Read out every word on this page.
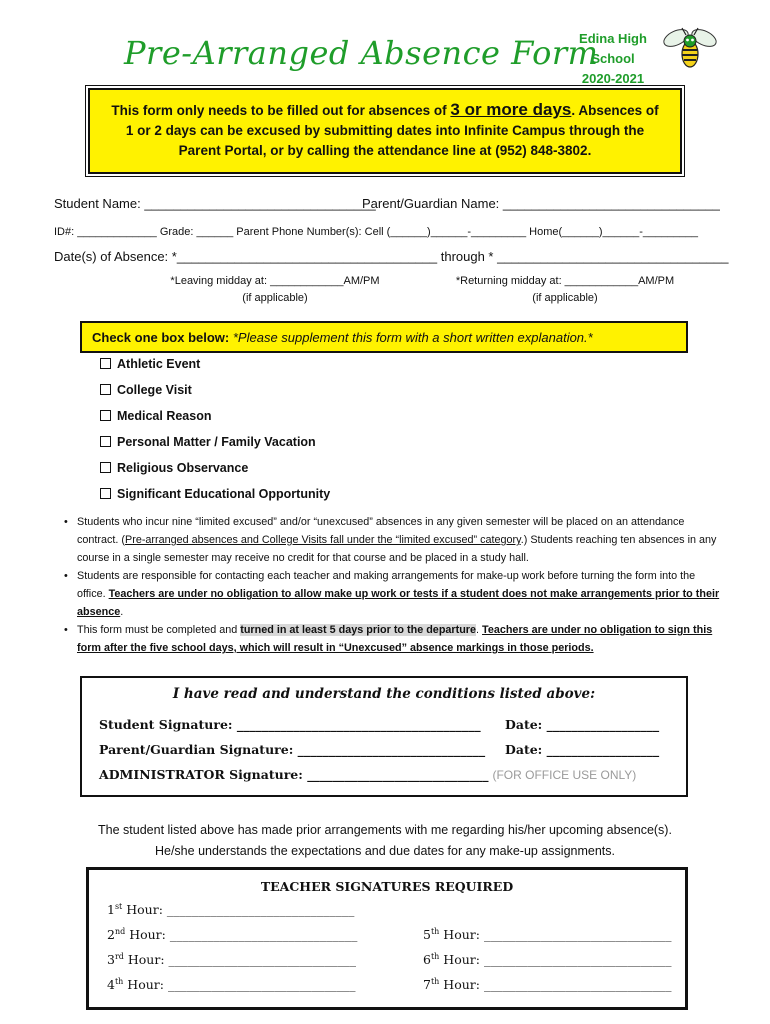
Pre-Arranged Absence Form
Edina High School
2020-2021
This form only needs to be filled out for absences of 3 or more days. Absences of 1 or 2 days can be excused by submitting dates into Infinite Campus through the Parent Portal, or by calling the attendance line at (952) 848-3802.
Student Name: ________________________________
Parent/Guardian Name: ______________________________
ID#: _____________ Grade: ______ Parent Phone Number(s): Cell (______)______-_________ Home(______)______-_________
Date(s) of Absence: *____________________________________ through * ________________________________
*Leaving midday at: ____________AM/PM
(if applicable)
*Returning midday at: ____________AM/PM
(if applicable)
Check one box below: *Please supplement this form with a short written explanation.*
Athletic Event
College Visit
Medical Reason
Personal Matter / Family Vacation
Religious Observance
Significant Educational Opportunity
• Students who incur nine “limited excused” and/or “unexcused” absences in any given semester will be placed on an attendance contract. (Pre-arranged absences and College Visits fall under the “limited excused” category.) Students reaching ten absences in any course in a single semester may receive no credit for that course and be placed in a study hall.
• Students are responsible for contacting each teacher and making arrangements for make-up work before turning the form into the office. Teachers are under no obligation to allow make up work or tests if a student does not make arrangements prior to their absence.
• This form must be completed and turned in at least 5 days prior to the departure. Teachers are under no obligation to sign this form after the five school days, which will result in “Unexcused” absence markings in those periods.
I have read and understand the conditions listed above:
Student Signature: _______________________________________ Date: __________________
Parent/Guardian Signature: ______________________________ Date: __________________
ADMINISTRATOR Signature: _____________________________ (FOR OFFICE USE ONLY)
The student listed above has made prior arrangements with me regarding his/her upcoming absence(s).
He/she understands the expectations and due dates for any make-up assignments.
TEACHER SIGNATURES REQUIRED
1st Hour: ______________________________
2nd Hour: ______________________________
3rd Hour: ______________________________
4th Hour: ______________________________
5th Hour: ______________________________
6th Hour: ______________________________
7th Hour: ______________________________
